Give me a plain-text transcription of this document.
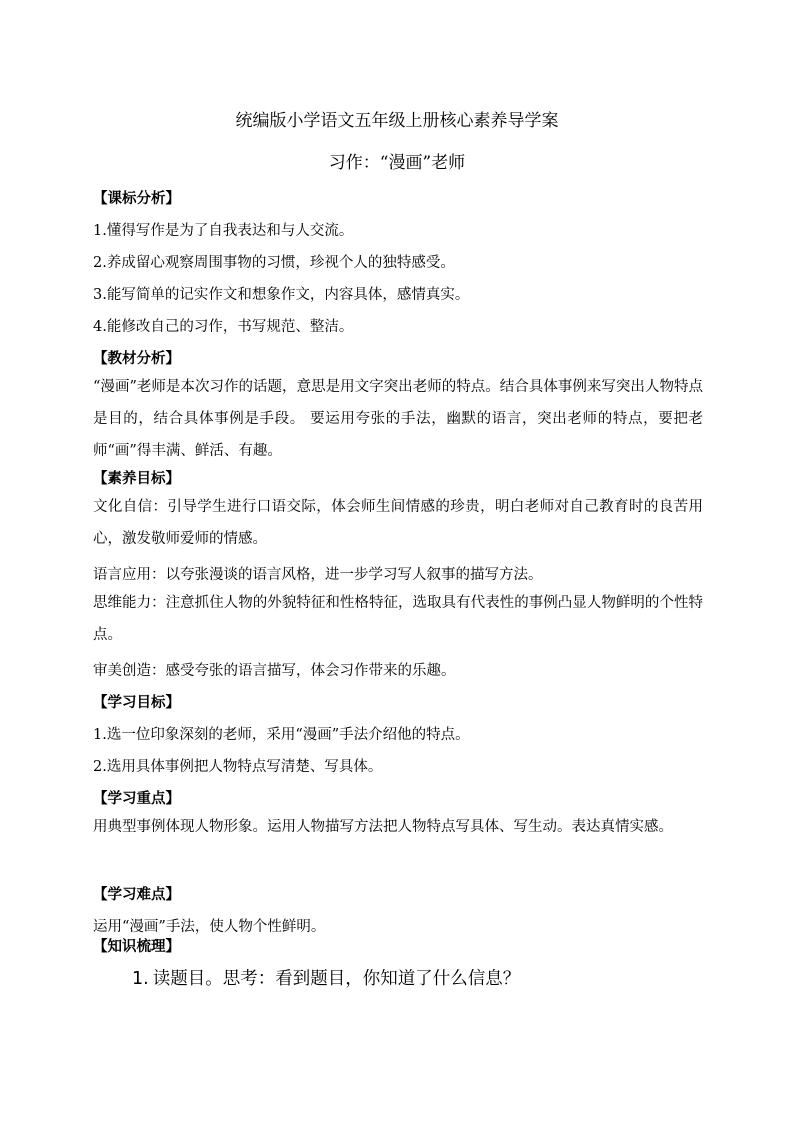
统编版小学语文五年级上册核心素养导学案
习作：“漫画”老师
【课标分析】
1.懂得写作是为了自我表达和与人交流。
2.养成留心观察周围事物的习惯，珍视个人的独特感受。
3.能写简单的记实作文和想象作文，内容具体，感情真实。
4.能修改自己的习作，书写规范、整洁。
【教材分析】
“漫画”老师是本次习作的话题，意思是用文字突出老师的特点。结合具体事例来写突出人物特点是目的，结合具体事例是手段。 要运用夸张的手法，幽默的语言，突出老师的特点，要把老师“画”得丰满、鲜活、有趣。
【素养目标】
文化自信：引导学生进行口语交际，体会师生间情感的珍贵，明白老师对自己教育时的良苦用心，激发敬师爱师的情感。
语言应用：以夸张漫谈的语言风格，进一步学习写人叙事的描写方法。
思维能力：注意抓住人物的外貌特征和性格特征，选取具有代表性的事例凸显人物鲜明的个性特点。
审美创造：感受夸张的语言描写，体会习作带来的乐趣。
【学习目标】
1.选一位印象深刻的老师，采用“漫画”手法介绍他的特点。
2.选用具体事例把人物特点写清楚、写具体。
【学习重点】
用典型事例体现人物形象。运用人物描写方法把人物特点写具体、写生动。表达真情实感。
【学习难点】
运用“漫画”手法，使人物个性鲜明。
【知识梳理】
1. 读题目。思考：看到题目，你知道了什么信息？
